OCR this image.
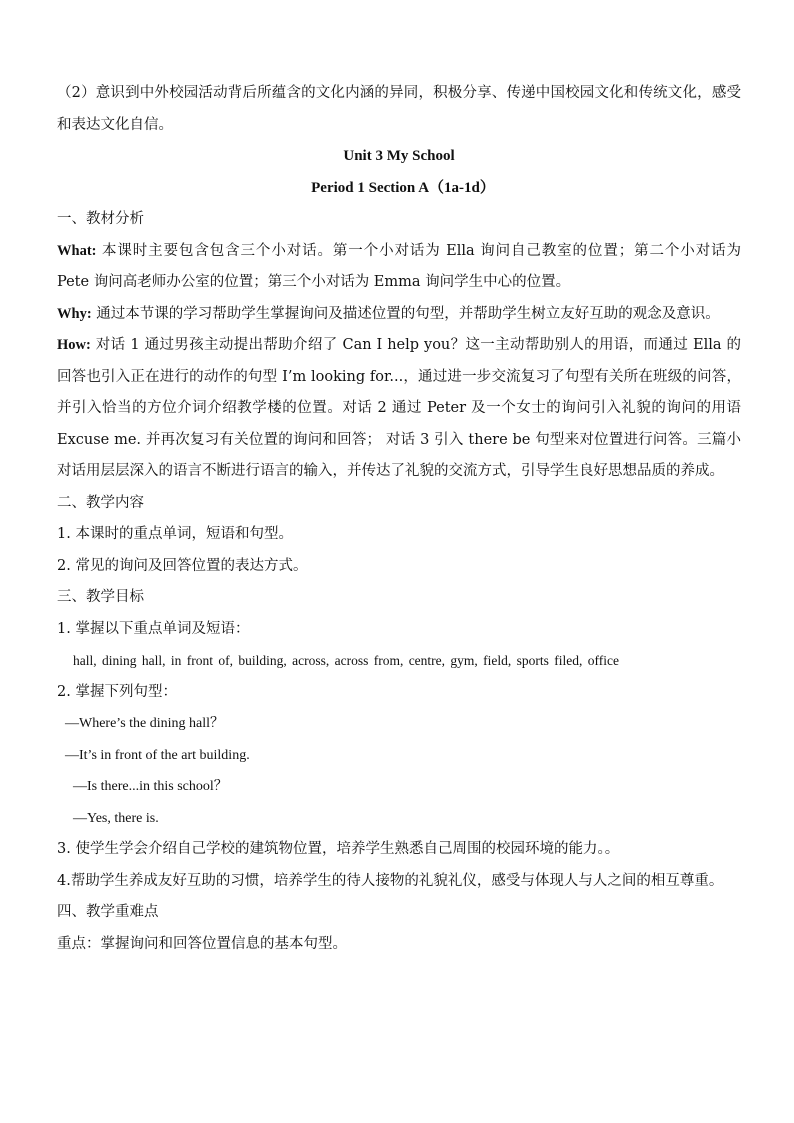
（2）意识到中外校园活动背后所蕴含的文化内涵的异同，积极分享、传递中国校园文化和传统文化，感受和表达文化自信。

Unit 3 My School

Period 1 Section A（1a-1d）

一、教材分析

What: 本课时主要包含包含三个小对话。第一个小对话为 Ella 询问自己教室的位置；第二个小对话为 Pete 询问高老师办公室的位置；第三个小对话为 Emma 询问学生中心的位置。

Why: 通过本节课的学习帮助学生掌握询问及描述位置的句型，并帮助学生树立友好互助的观念及意识。

How: 对话 1 通过男孩主动提出帮助介绍了 Can I help you？这一主动帮助别人的用语，而通过 Ella 的回答也引入正在进行的动作的句型 I’m looking for...，通过进一步交流复习了句型有关所在班级的问答，并引入恰当的方位介词介绍教学楼的位置。对话 2 通过 Peter 及一个女士的询问引入礼貌的询问的用语 Excuse me. 并再次复习有关位置的询问和回答； 对话 3 引入 there be 句型来对位置进行问答。三篇小对话用层层深入的语言不断进行语言的输入，并传达了礼貌的交流方式，引导学生良好思想品质的养成。

二、教学内容

1. 本课时的重点单词，短语和句型。

2. 常见的询问及回答位置的表达方式。

三、教学目标

1. 掌握以下重点单词及短语：

hall, dining hall, in front of, building, across, across from, centre, gym, field, sports filed, office

2. 掌握下列句型：

—Where’s the dining hall？

—It’s in front of the art building.

—Is there...in this school？

—Yes, there is.

3. 使学生学会介绍自己学校的建筑物位置，培养学生熟悉自己周围的校园环境的能力。。

4.帮助学生养成友好互助的习惯，培养学生的待人接物的礼貌礼仪，感受与体现人与人之间的相互尊重。

四、教学重难点

重点：掌握询问和回答位置信息的基本句型。
